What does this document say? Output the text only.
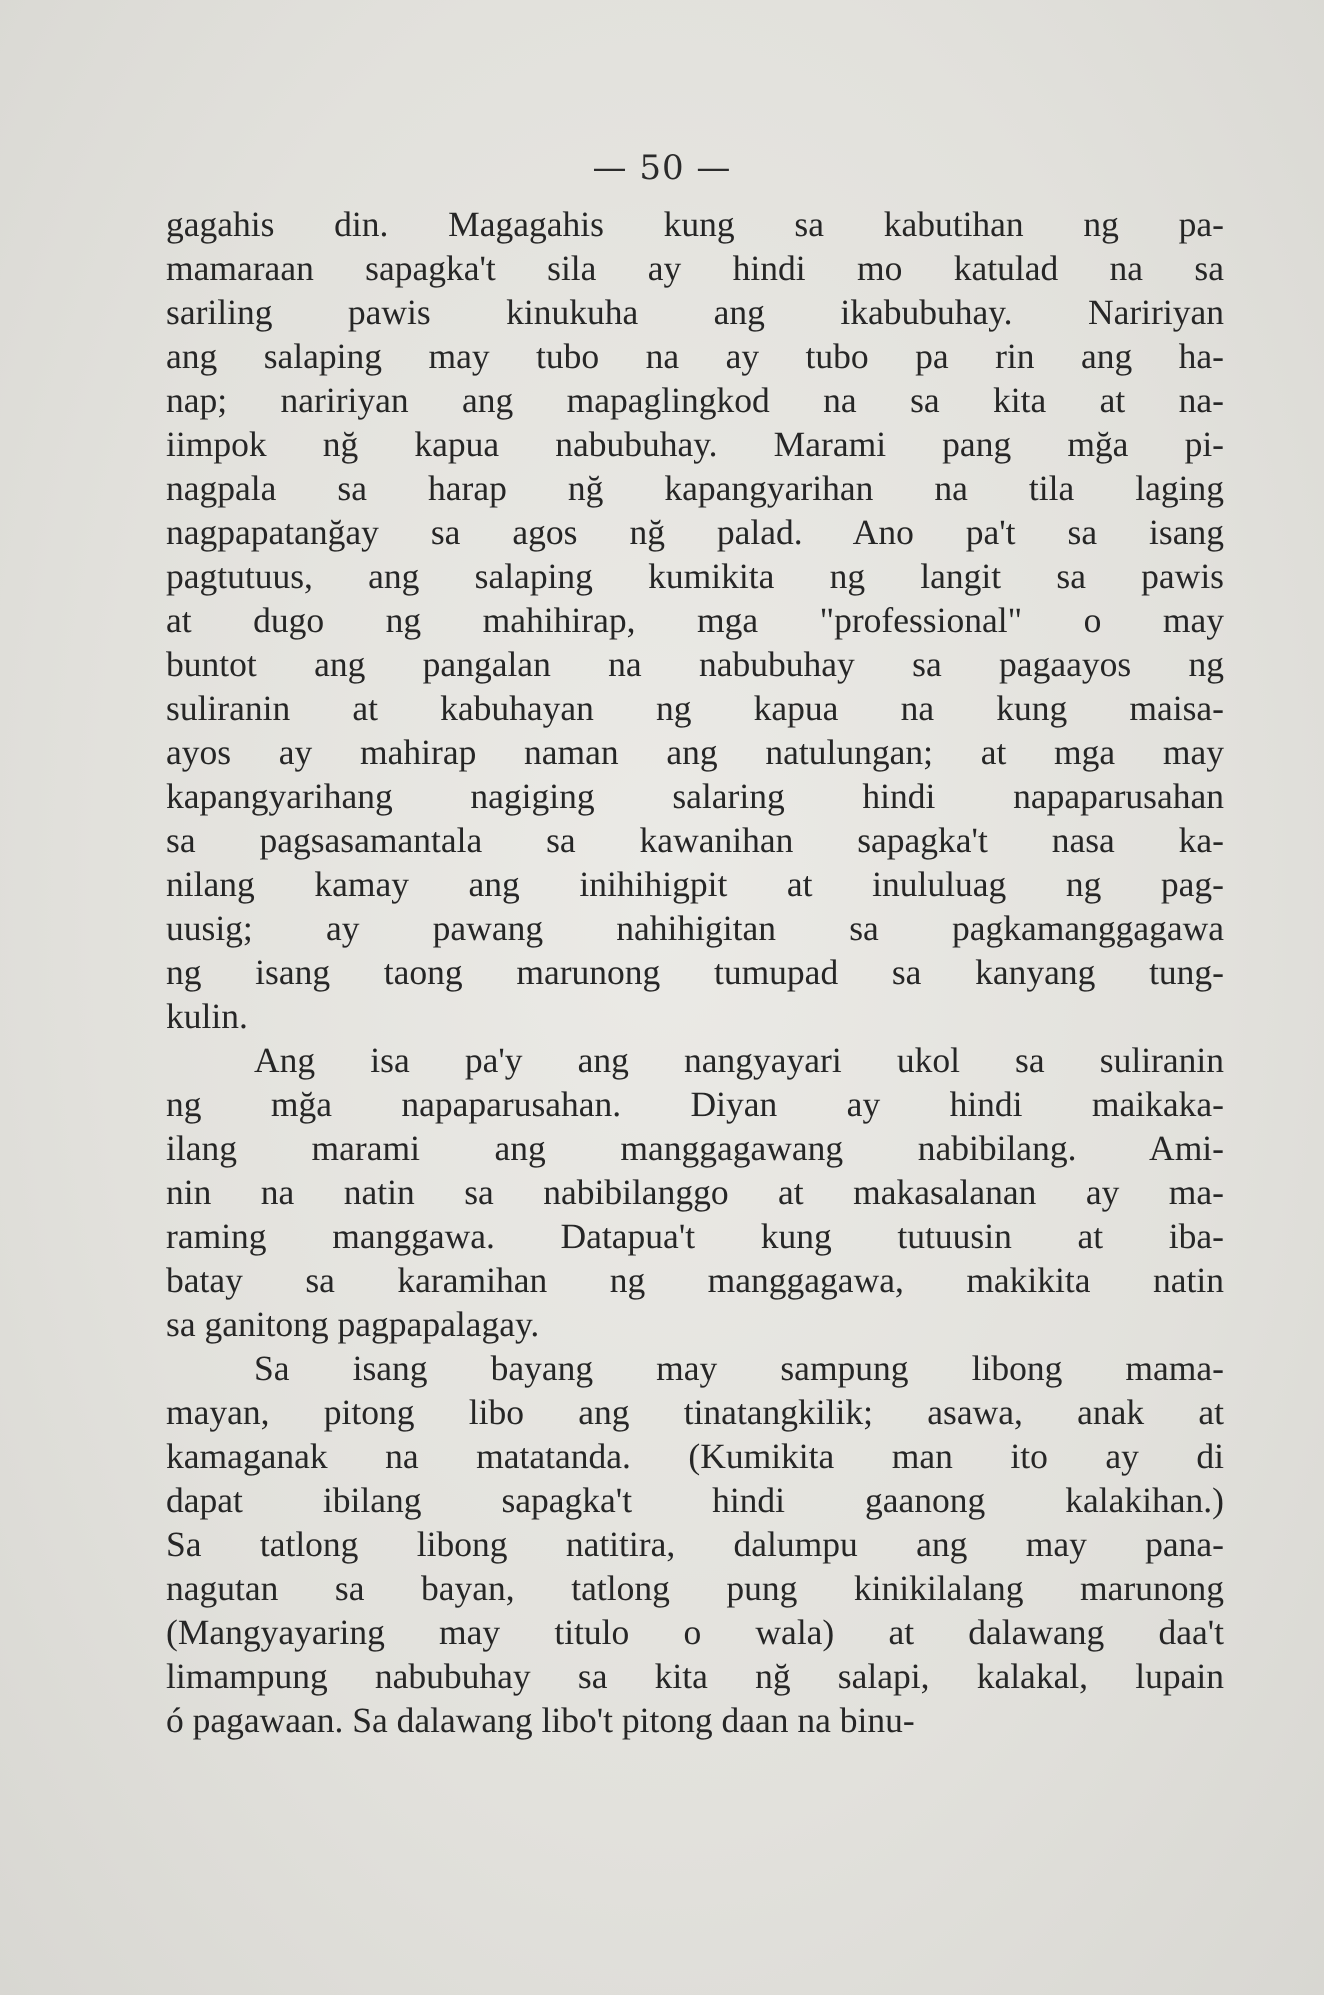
— 50 —
gagahis din. Magagahis kung sa kabutihan ng pa-
mamaraan sapagka't sila ay hindi mo katulad na sa
sariling pawis kinukuha ang ikabubuhay. Naririyan
ang salaping may tubo na ay tubo pa rin ang ha-
nap; naririyan ang mapaglingkod na sa kita at na-
iimpok nğ kapua nabubuhay. Marami pang mğa pi-
nagpala sa harap nğ kapangyarihan na tila laging
nagpapatanğay sa agos nğ palad. Ano pa't sa isang
pagtutuus, ang salaping kumikita ng langit sa pawis
at dugo ng mahihirap, mga "professional" o may
buntot ang pangalan na nabubuhay sa pagaayos ng
suliranin at kabuhayan ng kapua na kung maisa-
ayos ay mahirap naman ang natulungan; at mga may
kapangyarihang nagiging salaring hindi napaparusahan
sa pagsasamantala sa kawanihan sapagka't nasa ka-
nilang kamay ang inihihigpit at inululuag ng pag-
uusig; ay pawang nahihigitan sa pagkamanggagawa
ng isang taong marunong tumupad sa kanyang tung-
kulin.
Ang isa pa'y ang nangyayari ukol sa suliranin
ng mğa napaparusahan. Diyan ay hindi maikaka-
ilang marami ang manggagawang nabibilang. Ami-
nin na natin sa nabibilanggo at makasalanan ay ma-
raming manggawa. Datapua't kung tutuusin at iba-
batay sa karamihan ng manggagawa, makikita natin
sa ganitong pagpapalagay.
Sa isang bayang may sampung libong mama-
mayan, pitong libo ang tinatangkilik; asawa, anak at
kamaganak na matatanda. (Kumikita man ito ay di
dapat ibilang sapagka't hindi gaanong kalakihan.)
Sa tatlong libong natitira, dalumpu ang may pana-
nagutan sa bayan, tatlong pung kinikilalang marunong
(Mangyayaring may titulo o wala) at dalawang daa't
limampung nabubuhay sa kita nğ salapi, kalakal, lupain
ó pagawaan. Sa dalawang libo't pitong daan na binu-
